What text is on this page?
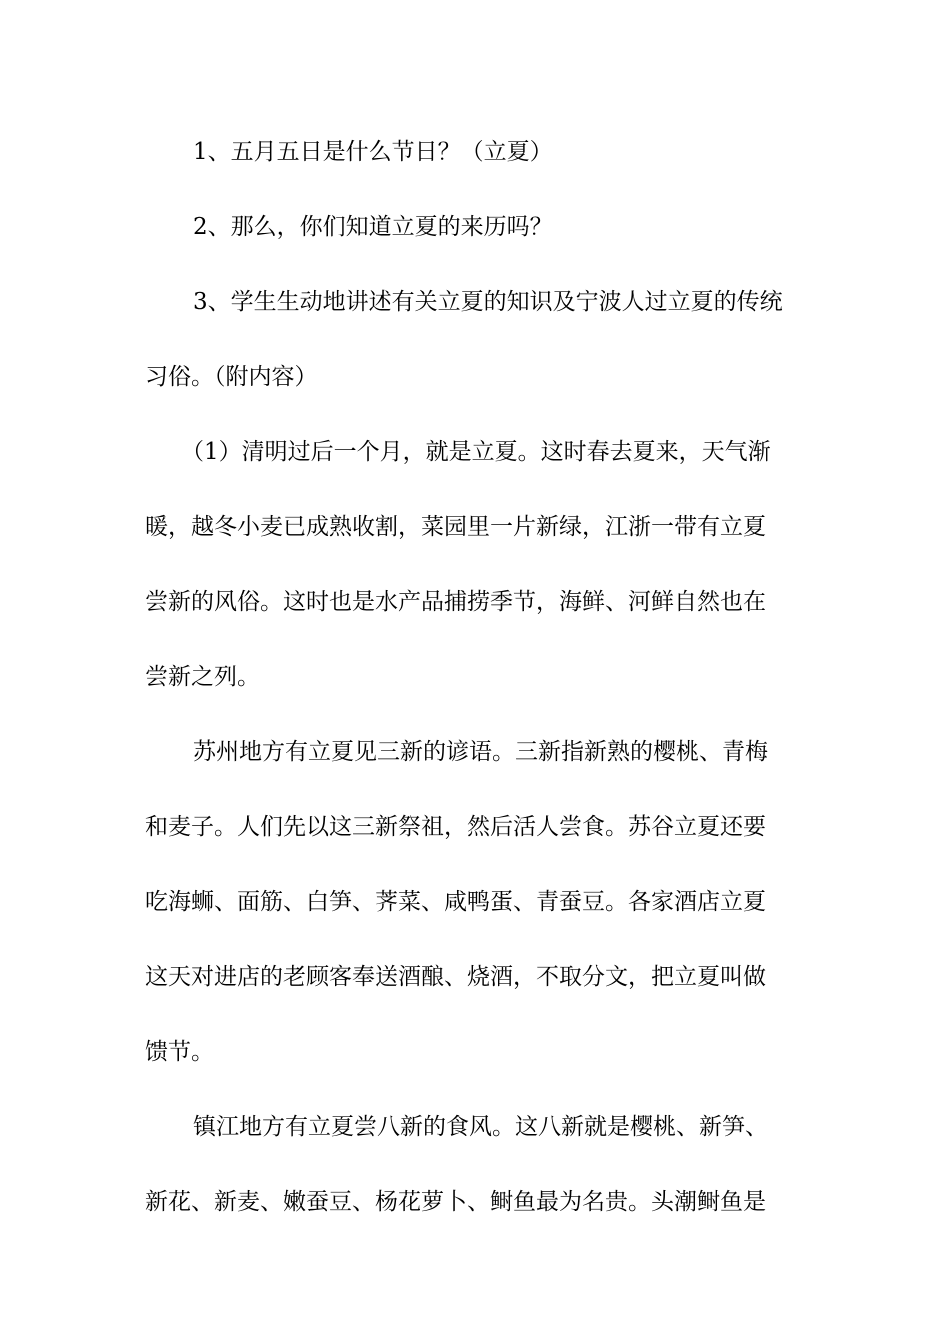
1、五月五日是什么节日？（立夏）
2、那么，你们知道立夏的来历吗？
3、学生生动地讲述有关立夏的知识及宁波人过立夏的传统
习俗。（附内容）
（1）清明过后一个月，就是立夏。这时春去夏来，天气渐
暖，越冬小麦已成熟收割，菜园里一片新绿，江浙一带有立夏
尝新的风俗。这时也是水产品捕捞季节，海鲜、河鲜自然也在
尝新之列。
苏州地方有立夏见三新的谚语。三新指新熟的樱桃、青梅
和麦子。人们先以这三新祭祖，然后活人尝食。苏谷立夏还要
吃海蛳、面筋、白笋、荠菜、咸鸭蛋、青蚕豆。各家酒店立夏
这天对进店的老顾客奉送酒酿、烧酒，不取分文，把立夏叫做
馈节。
镇江地方有立夏尝八新的食风。这八新就是樱桃、新笋、
新花、新麦、嫩蚕豆、杨花萝卜、鲥鱼最为名贵。头潮鲥鱼是
